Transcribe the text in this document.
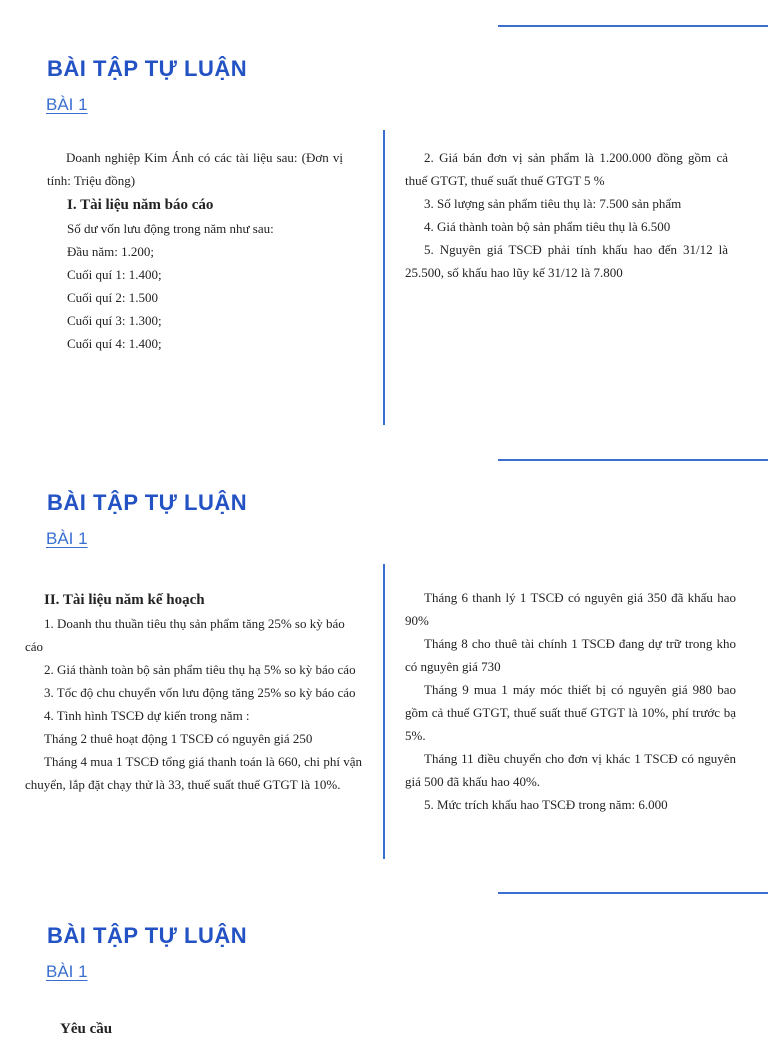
BÀI TẬP TỰ LUẬN
BÀI 1

Doanh nghiệp Kim Ánh có các tài liệu sau: (Đơn vị tính: Triệu đồng)

I. Tài liệu năm báo cáo

Số dư vốn lưu động trong năm như sau:

Đầu năm: 1.200;

Cuối quí 1: 1.400;

Cuối quí 2: 1.500

Cuối quí 3: 1.300;

Cuối quí 4: 1.400;

2. Giá bán đơn vị sản phẩm là 1.200.000 đồng gồm cả thuế GTGT, thuế suất thuế GTGT 5 %

3. Số lượng sản phẩm tiêu thụ là: 7.500 sản phẩm

4. Giá thành toàn bộ sản phẩm tiêu thụ là 6.500

5. Nguyên giá TSCĐ phải tính khấu hao đến 31/12 là 25.500, số khấu hao lũy kế 31/12 là 7.800

BÀI TẬP TỰ LUẬN
BÀI 1

II. Tài liệu năm kế hoạch

1. Doanh thu thuần tiêu thụ sản phẩm tăng 25% so kỳ báo cáo

2. Giá thành toàn bộ sản phẩm tiêu thụ hạ 5% so kỳ báo cáo

3. Tốc độ chu chuyển vốn lưu động tăng 25% so kỳ báo cáo

4. Tình hình TSCĐ dự kiến trong năm :

Tháng 2 thuê hoạt động 1 TSCĐ có nguyên giá 250

Tháng 4 mua 1 TSCĐ tổng giá thanh toán là 660, chi phí vận chuyển, lắp đặt chạy thử là 33, thuế suất thuế GTGT là 10%.

Tháng 6 thanh lý 1 TSCĐ có nguyên giá 350 đã khấu hao 90%

Tháng 8 cho thuê tài chính 1 TSCĐ đang dự trữ trong kho có nguyên giá 730

Tháng 9 mua 1 máy móc thiết bị có nguyên giá 980 bao gồm cả thuế GTGT, thuế suất thuế GTGT là 10%, phí trước bạ 5%.

Tháng 11 điều chuyển cho đơn vị khác 1 TSCĐ có nguyên giá 500 đã khấu hao 40%.

5. Mức trích khấu hao TSCĐ trong năm: 6.000

BÀI TẬP TỰ LUẬN
BÀI 1
Yêu cầu
